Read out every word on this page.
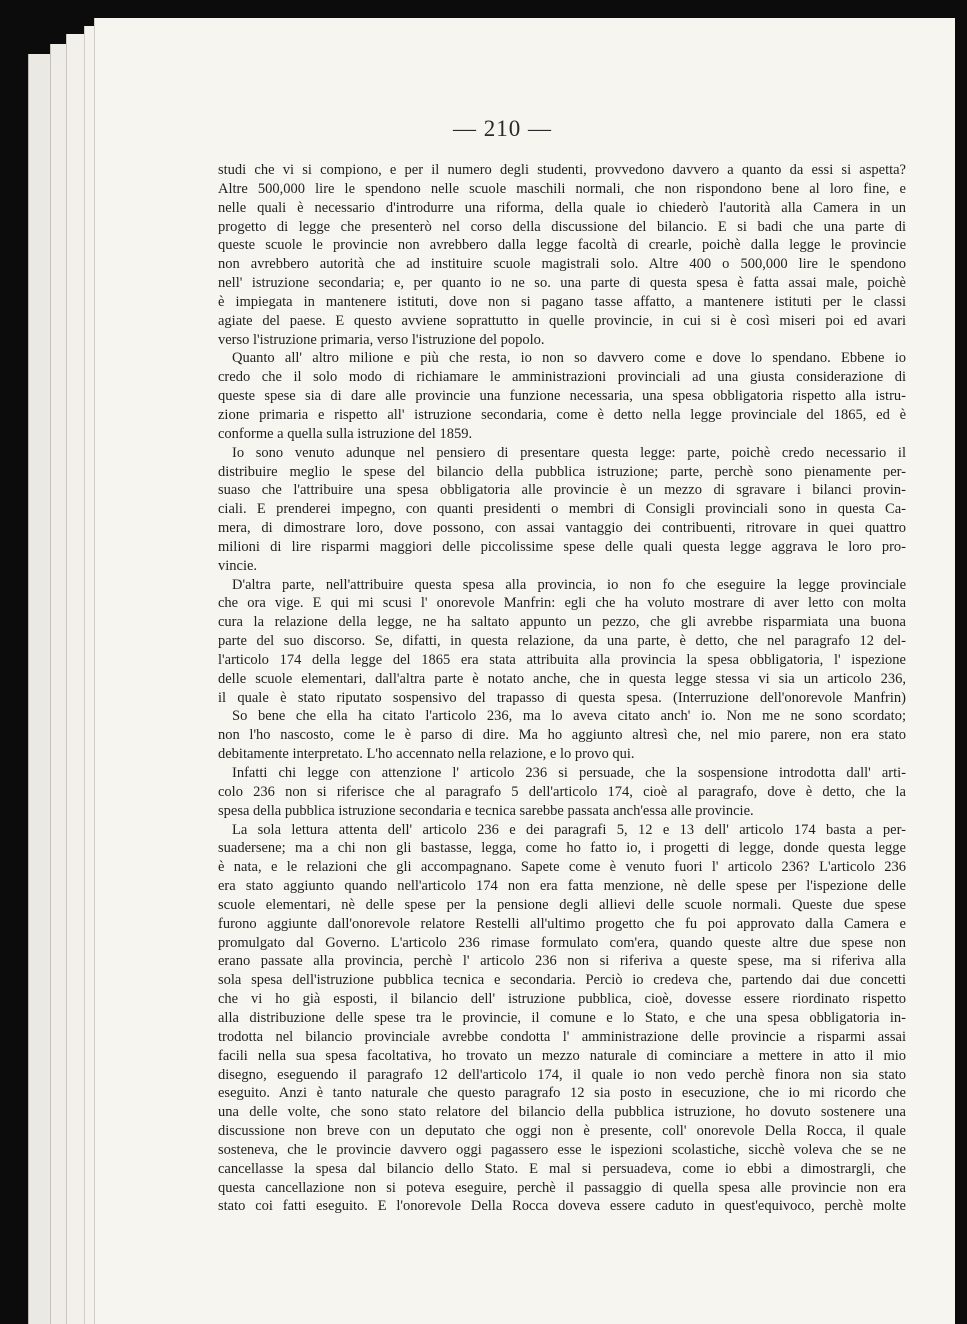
— 210 —
studi che vi si compiono, e per il numero degli studenti, provvedono davvero a quanto da essi si aspetta?
Altre 500,000 lire le spendono nelle scuole maschili normali, che non rispondono bene al loro fine, e
nelle quali è necessario d'introdurre una riforma, della quale io chiederò l'autorità alla Camera in un
progetto di legge che presenterò nel corso della discussione del bilancio. E si badi che una parte di
queste scuole le provincie non avrebbero dalla legge facoltà di crearle, poichè dalla legge le provincie
non avrebbero autorità che ad instituire scuole magistrali solo. Altre 400 o 500,000 lire le spendono
nell' istruzione secondaria; e, per quanto io ne so. una parte di questa spesa è fatta assai male, poichè
è impiegata in mantenere istituti, dove non si pagano tasse affatto, a mantenere istituti per le classi
agiate del paese. E questo avviene soprattutto in quelle provincie, in cui si è così miseri poi ed avari
verso l'istruzione primaria, verso l'istruzione del popolo.
Quanto all' altro milione e più che resta, io non so davvero come e dove lo spendano. Ebbene io
credo che il solo modo di richiamare le amministrazioni provinciali ad una giusta considerazione di
queste spese sia di dare alle provincie una funzione necessaria, una spesa obbligatoria rispetto alla istru-
zione primaria e rispetto all' istruzione secondaria, come è detto nella legge provinciale del 1865, ed è
conforme a quella sulla istruzione del 1859.
Io sono venuto adunque nel pensiero di presentare questa legge: parte, poichè credo necessario il
distribuire meglio le spese del bilancio della pubblica istruzione; parte, perchè sono pienamente per-
suaso che l'attribuire una spesa obbligatoria alle provincie è un mezzo di sgravare i bilanci provin-
ciali. E prenderei impegno, con quanti presidenti o membri di Consigli provinciali sono in questa Ca-
mera, di dimostrare loro, dove possono, con assai vantaggio dei contribuenti, ritrovare in quei quattro
milioni di lire risparmi maggiori delle piccolissime spese delle quali questa legge aggrava le loro pro-
vincie.
D'altra parte, nell'attribuire questa spesa alla provincia, io non fo che eseguire la legge provinciale
che ora vige. E qui mi scusi l' onorevole Manfrin: egli che ha voluto mostrare di aver letto con molta
cura la relazione della legge, ne ha saltato appunto un pezzo, che gli avrebbe risparmiata una buona
parte del suo discorso. Se, difatti, in questa relazione, da una parte, è detto, che nel paragrafo 12 del-
l'articolo 174 della legge del 1865 era stata attribuita alla provincia la spesa obbligatoria, l' ispezione
delle scuole elementari, dall'altra parte è notato anche, che in questa legge stessa vi sia un articolo 236,
il quale è stato riputato sospensivo del trapasso di questa spesa. (Interruzione dell'onorevole Manfrin)
So bene che ella ha citato l'articolo 236, ma lo aveva citato anch' io. Non me ne sono scordato;
non l'ho nascosto, come le è parso di dire. Ma ho aggiunto altresì che, nel mio parere, non era stato
debitamente interpretato. L'ho accennato nella relazione, e lo provo qui.
Infatti chi legge con attenzione l' articolo 236 si persuade, che la sospensione introdotta dall' arti-
colo 236 non si riferisce che al paragrafo 5 dell'articolo 174, cioè al paragrafo, dove è detto, che la
spesa della pubblica istruzione secondaria e tecnica sarebbe passata anch'essa alle provincie.
La sola lettura attenta dell' articolo 236 e dei paragrafi 5, 12 e 13 dell' articolo 174 basta a per-
suadersene; ma a chi non gli bastasse, legga, come ho fatto io, i progetti di legge, donde questa legge
è nata, e le relazioni che gli accompagnano. Sapete come è venuto fuori l' articolo 236? L'articolo 236
era stato aggiunto quando nell'articolo 174 non era fatta menzione, nè delle spese per l'ispezione delle
scuole elementari, nè delle spese per la pensione degli allievi delle scuole normali. Queste due spese
furono aggiunte dall'onorevole relatore Restelli all'ultimo progetto che fu poi approvato dalla Camera e
promulgato dal Governo. L'articolo 236 rimase formulato com'era, quando queste altre due spese non
erano passate alla provincia, perchè l' articolo 236 non si riferiva a queste spese, ma si riferiva alla
sola spesa dell'istruzione pubblica tecnica e secondaria. Perciò io credeva che, partendo dai due concetti
che vi ho già esposti, il bilancio dell' istruzione pubblica, cioè, dovesse essere riordinato rispetto
alla distribuzione delle spese tra le provincie, il comune e lo Stato, e che una spesa obbligatoria in-
trodotta nel bilancio provinciale avrebbe condotta l' amministrazione delle provincie a risparmi assai
facili nella sua spesa facoltativa, ho trovato un mezzo naturale di cominciare a mettere in atto il mio
disegno, eseguendo il paragrafo 12 dell'articolo 174, il quale io non vedo perchè finora non sia stato
eseguito. Anzi è tanto naturale che questo paragrafo 12 sia posto in esecuzione, che io mi ricordo che
una delle volte, che sono stato relatore del bilancio della pubblica istruzione, ho dovuto sostenere una
discussione non breve con un deputato che oggi non è presente, coll' onorevole Della Rocca, il quale
sosteneva, che le provincie davvero oggi pagassero esse le ispezioni scolastiche, sicchè voleva che se ne
cancellasse la spesa dal bilancio dello Stato. E mal si persuadeva, come io ebbi a dimostrargli, che
questa cancellazione non si poteva eseguire, perchè il passaggio di quella spesa alle provincie non era
stato coi fatti eseguito. E l'onorevole Della Rocca doveva essere caduto in quest'equivoco, perchè molte
